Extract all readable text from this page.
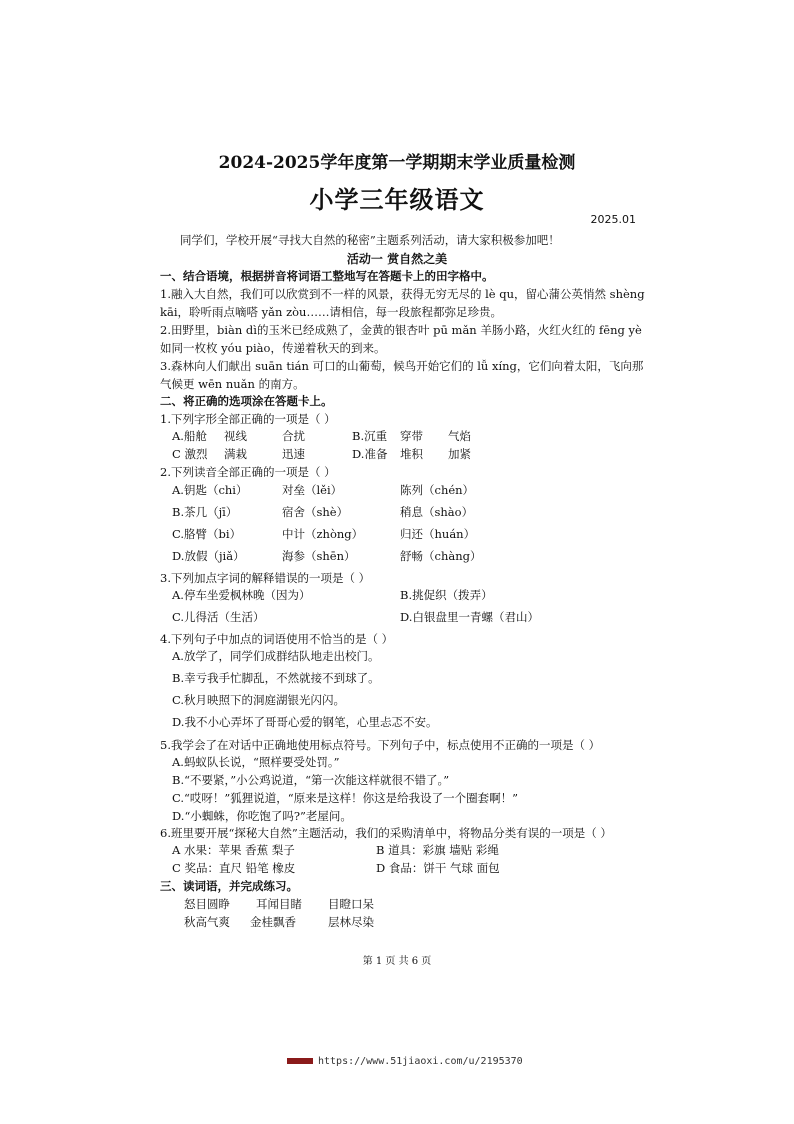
2024-2025学年度第一学期期末学业质量检测
小学三年级语文
2025.01
同学们，学校开展“寻找大自然的秘密”主题系列活动，请大家积极参加吧！
活动一 赏自然之美
一、结合语境，根据拼音将词语工整地写在答题卡上的田字格中。
1.融入大自然，我们可以欣赏到不一样的风景，获得无穷无尽的 lè qu，留心蒲公英悄然 shèng
kāi，聆听雨点嘀嗒 yǎn zòu……请相信，每一段旅程都弥足珍贵。
2.田野里，biàn dì的玉米已经成熟了，金黄的银杏叶 pū mǎn 羊肠小路，火红火红的 fēng yè
如同一枚枚 yóu piào，传递着秋天的到来。
3.森林向人们献出 suān tián 可口的山葡萄，候鸟开始它们的 lǚ xíng，它们向着太阳，飞向那
气候更 wēn nuǎn 的南方。
二、将正确的选项涂在答题卡上。
1.下列字形全部正确的一项是（ ）
A.船舱 视线	合扰	B.沉重 穿带 气焰
C 激烈 满栽	迅速	D.准备 堆积 加紧
2.下列读音全部正确的一项是（ ）
A.钥匙（chi）	对垒（lěi）	陈列（chén）
B.茶几（jī）	宿舍（shè）	稍息（shào）
C.胳臂（bi）	中计（zhòng）	归还（huán）
D.放假（jiǎ）	海参（shēn）	舒畅（chàng）
3.下列加点字词的解释错误的一项是（ ）
A.停车坐爱枫林晚（因为）	B.挑促织（拨弄）
C.儿得活（生活）	D.白银盘里一青螺（君山）
4.下列句子中加点的词语使用不恰当的是（ ）
A.放学了，同学们成群结队地走出校门。
B.幸亏我手忙脚乱，不然就接不到球了。
C.秋月映照下的洞庭湖银光闪闪。
D.我不小心弄坏了哥哥心爱的钢笔，心里忐忑不安。
5.我学会了在对话中正确地使用标点符号。下列句子中，标点使用不正确的一项是（ ）
A.蚂蚁队长说，“照样要受处罚。”
B.“不要紧，”小公鸡说道，“第一次能这样就很不错了。”
C.“哎呀！”狐狸说道，“原来是这样！你这是给我设了一个圈套啊！”
D.“小蜘蛛，你吃饱了吗?”老屋问。
6.班里要开展“探秘大自然”主题活动，我们的采购清单中，将物品分类有误的一项是（ ）
A 水果：苹果 香蕉 梨子	B 道具：彩旗 墙贴 彩绳
C 奖品：直尺 铅笔 橡皮	D 食品：饼干 气球 面包
三、读词语，并完成练习。
怒目圆睁 耳闻目睹 目瞪口呆
秋高气爽 金桂飘香	层林尽染
第 1 页 共 6 页
https://www.51jiaoxi.com/u/2195370
